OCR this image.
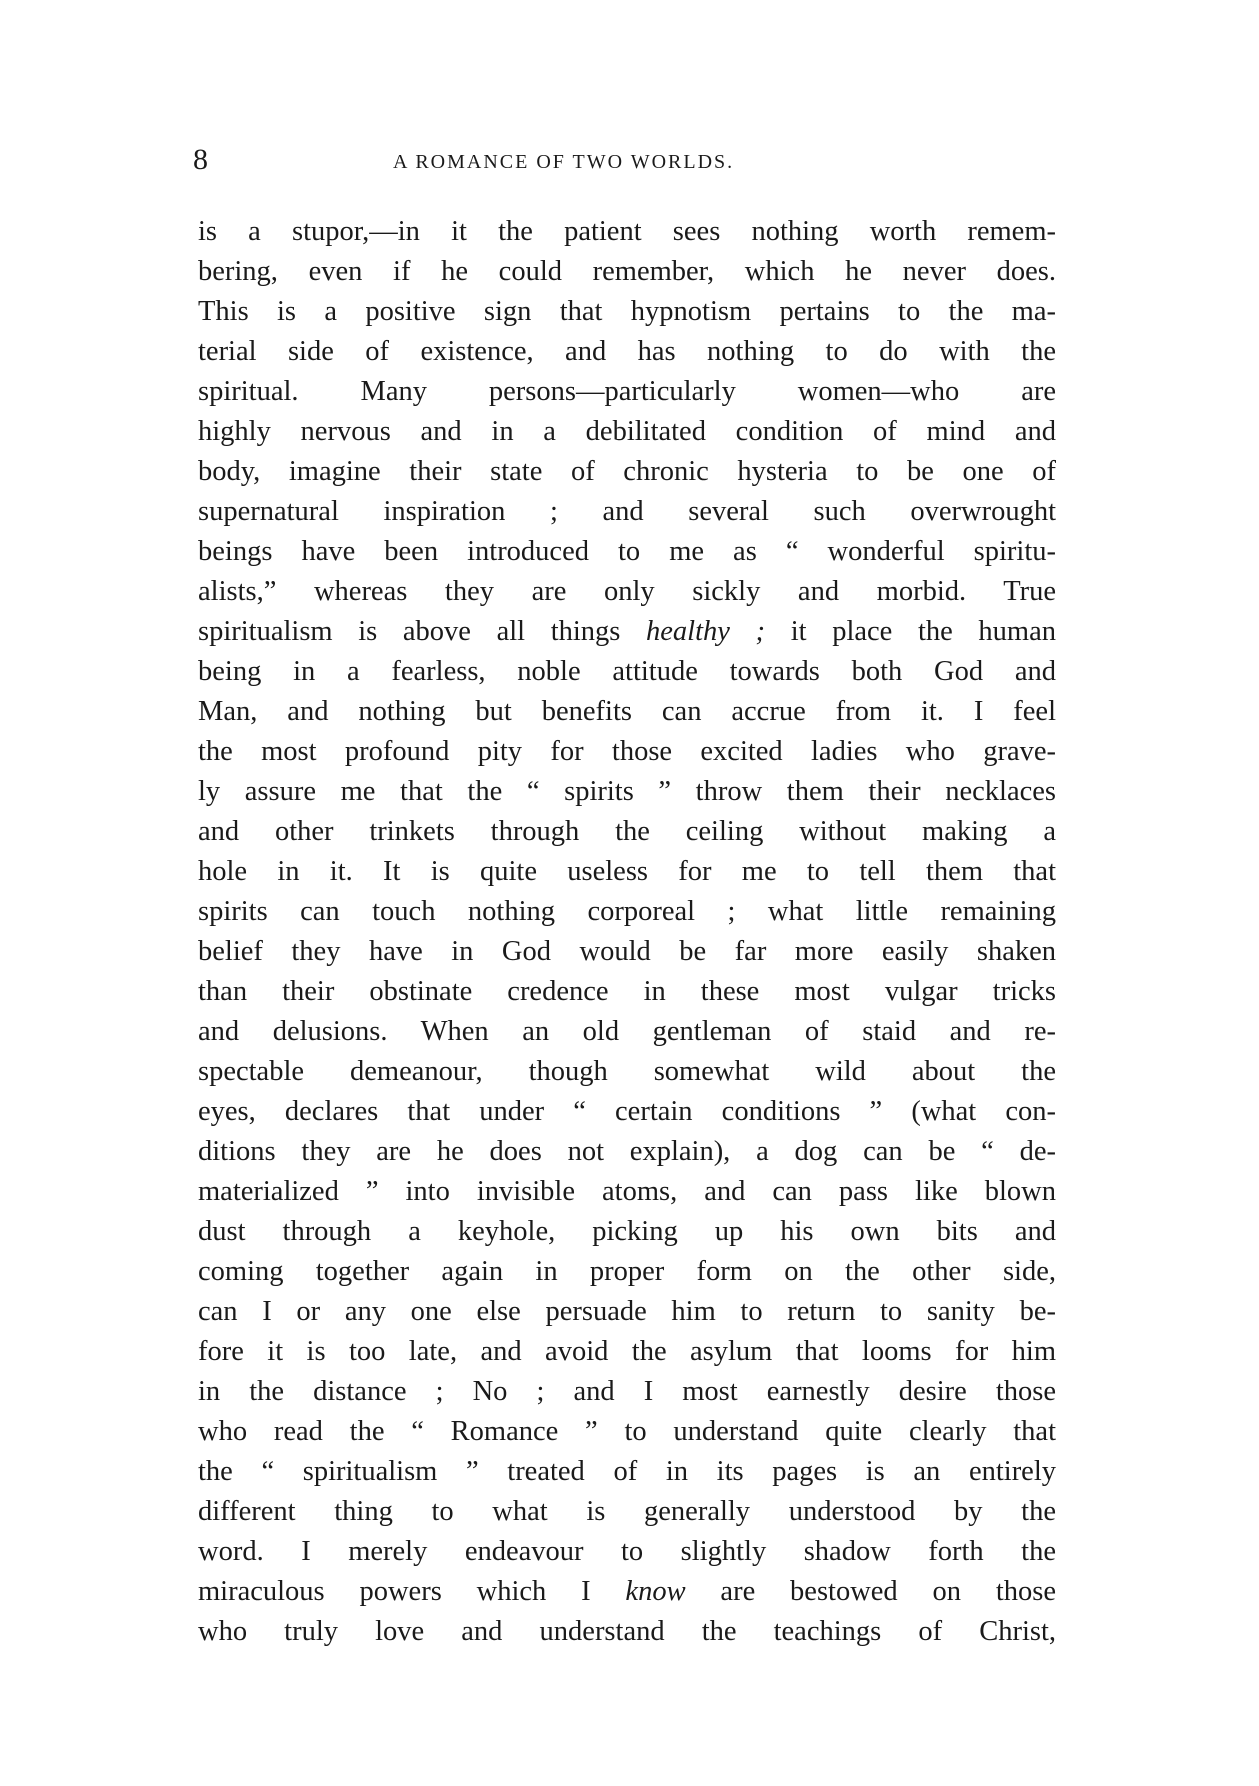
8	A ROMANCE OF TWO WORLDS.
is a stupor,—in it the patient sees nothing worth remem-
bering, even if he could remember, which he never does.
This is a positive sign that hypnotism pertains to the ma-
terial side of existence, and has nothing to do with the
spiritual. Many persons—particularly women—who are
highly nervous and in a debilitated condition of mind and
body, imagine their state of chronic hysteria to be one of
supernatural inspiration ; and several such overwrought
beings have been introduced to me as “ wonderful spiritu-
alists,” whereas they are only sickly and morbid. True
spiritualism is above all things healthy ; it place the human
being in a fearless, noble attitude towards both God and
Man, and nothing but benefits can accrue from it. I feel
the most profound pity for those excited ladies who grave-
ly assure me that the “ spirits ” throw them their necklaces
and other trinkets through the ceiling without making a
hole in it. It is quite useless for me to tell them that
spirits can touch nothing corporeal ; what little remaining
belief they have in God would be far more easily shaken
than their obstinate credence in these most vulgar tricks
and delusions. When an old gentleman of staid and re-
spectable demeanour, though somewhat wild about the
eyes, declares that under “ certain conditions ” (what con-
ditions they are he does not explain), a dog can be “ de-
materialized ” into invisible atoms, and can pass like blown
dust through a keyhole, picking up his own bits and
coming together again in proper form on the other side,
can I or any one else persuade him to return to sanity be-
fore it is too late, and avoid the asylum that looms for him
in the distance ; No ; and I most earnestly desire those
who read the “ Romance ” to understand quite clearly that
the “ spiritualism ” treated of in its pages is an entirely
different thing to what is generally understood by the
word. I merely endeavour to slightly shadow forth the
miraculous powers which I know are bestowed on those
who truly love and understand the teachings of Christ,
